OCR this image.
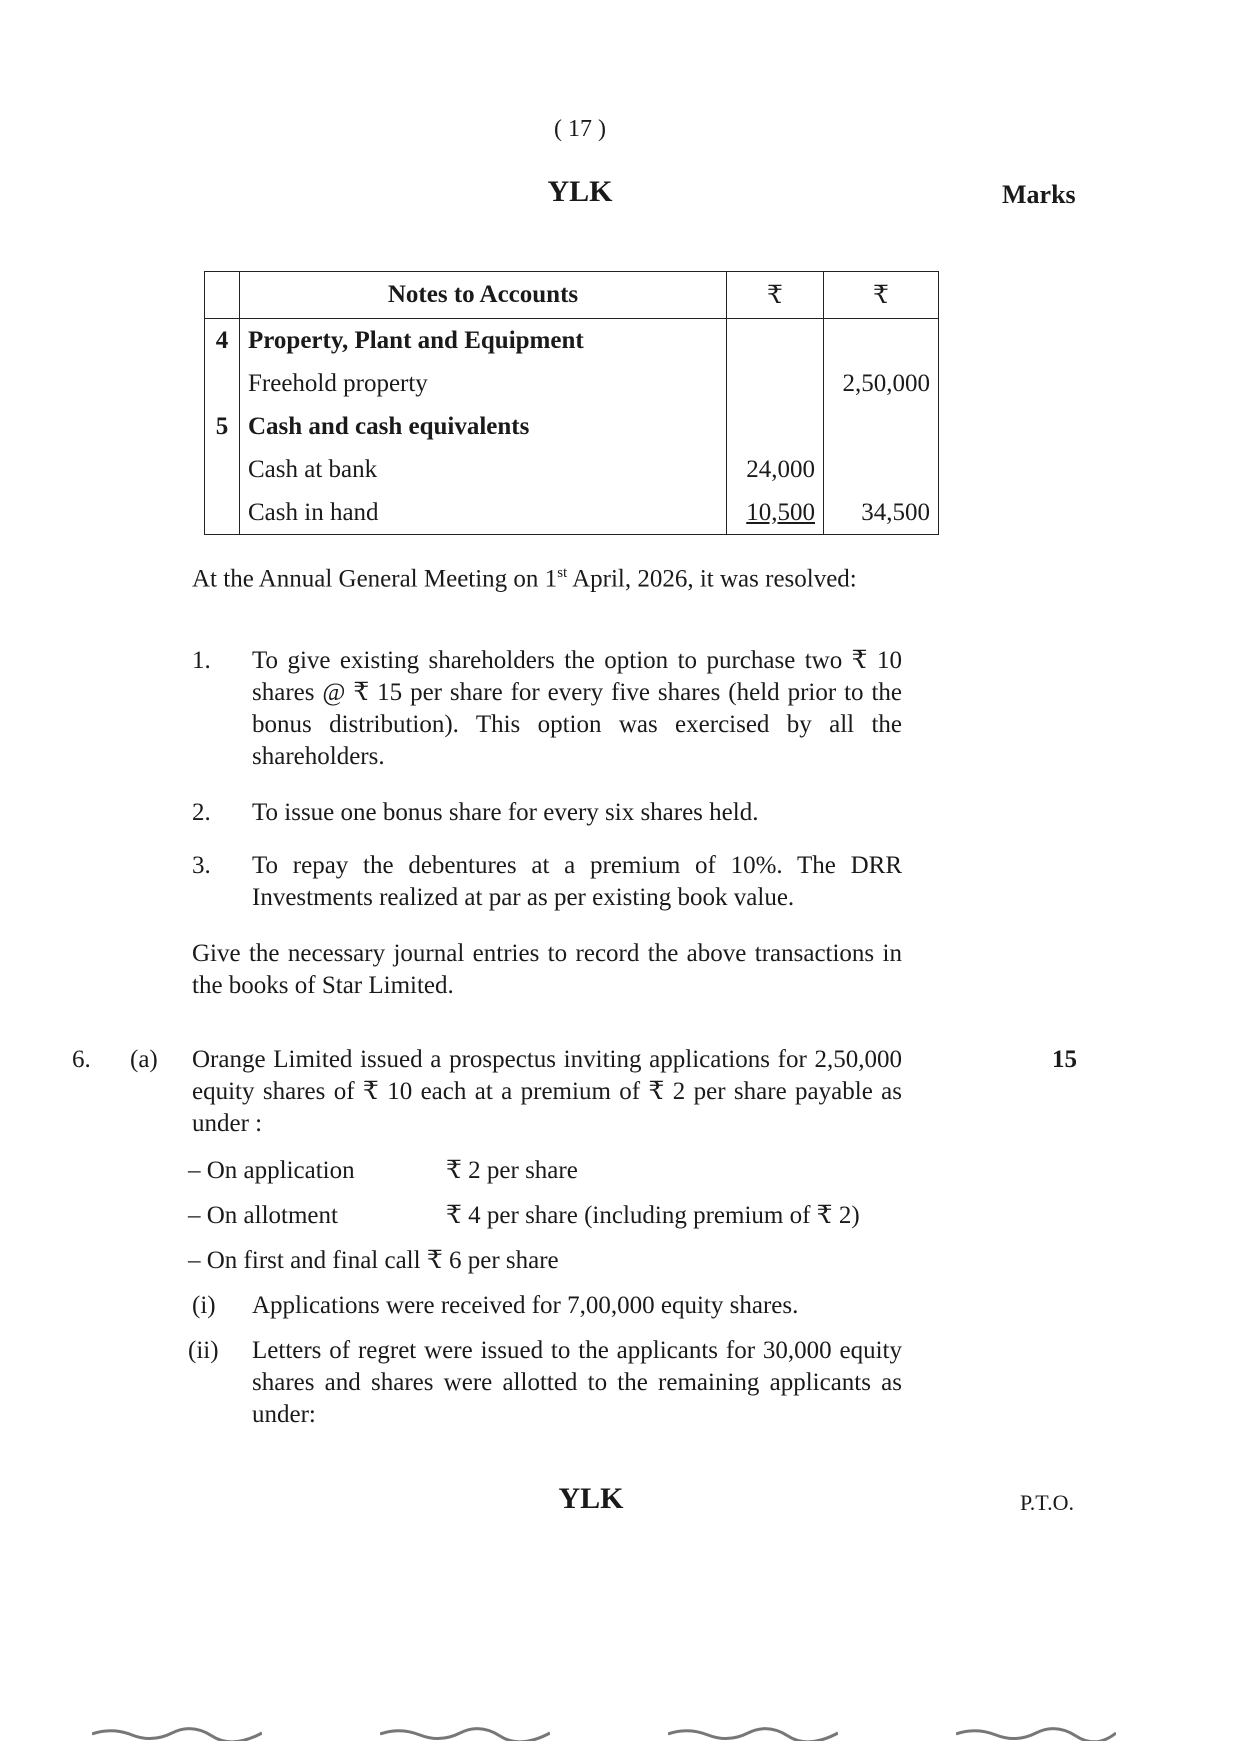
( 17 )
YLK	Marks
	Notes to Accounts	₹	₹
4	Property, Plant and Equipment		
	Freehold property		2,50,000
5	Cash and cash equivalents		
	Cash at bank	24,000	
	Cash in hand	10,500	34,500
At the Annual General Meeting on 1st April, 2026, it was resolved:
1. To give existing shareholders the option to purchase two ₹ 10 shares @ ₹ 15 per share for every five shares (held prior to the bonus distribution). This option was exercised by all the shareholders.
2. To issue one bonus share for every six shares held.
3. To repay the debentures at a premium of 10%. The DRR Investments realized at par as per existing book value.
Give the necessary journal entries to record the above transactions in the books of Star Limited.
6. (a)	15
Orange Limited issued a prospectus inviting applications for 2,50,000 equity shares of ₹ 10 each at a premium of ₹ 2 per share payable as under :
– On application	₹ 2 per share
– On allotment	₹ 4 per share (including premium of ₹ 2)
– On first and final call ₹ 6 per share
(i) Applications were received for 7,00,000 equity shares.
(ii) Letters of regret were issued to the applicants for 30,000 equity shares and shares were allotted to the remaining applicants as under:
YLK	P.T.O.
